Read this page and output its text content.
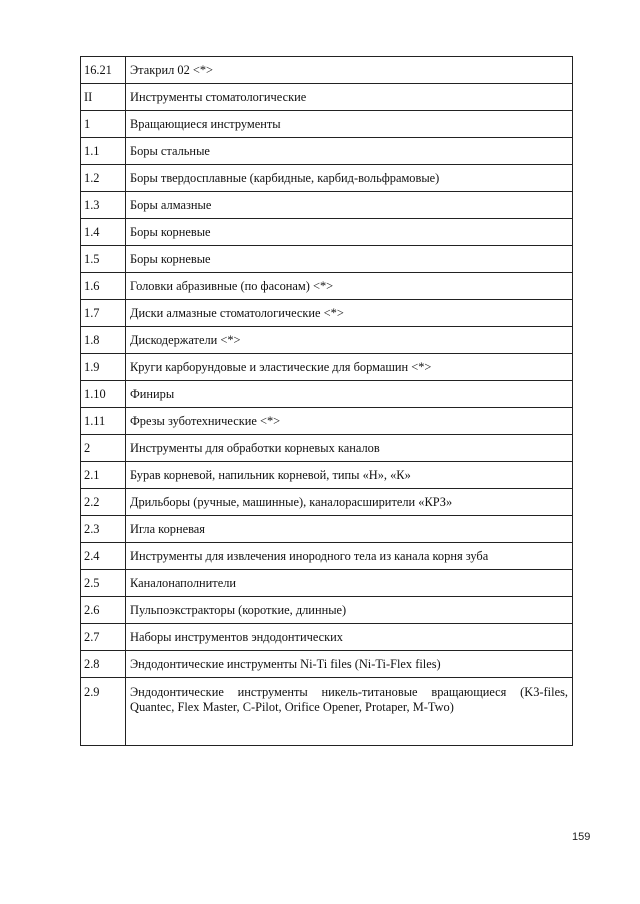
16.21	Этакрил 02 <*>
II	Инструменты стоматологические
1	Вращающиеся инструменты
1.1	Боры стальные
1.2	Боры твердосплавные (карбидные, карбид-вольфрамовые)
1.3	Боры алмазные
1.4	Боры корневые
1.5	Боры корневые
1.6	Головки абразивные (по фасонам) <*>
1.7	Диски алмазные стоматологические <*>
1.8	Дискодержатели <*>
1.9	Круги карборундовые и эластические для бормашин <*>
1.10	Финиры
1.11	Фрезы зуботехнические <*>
2	Инструменты для обработки корневых каналов
2.1	Бурав корневой, напильник корневой, типы «Н», «К»
2.2	Дрильборы (ручные, машинные), каналорасширители «КРЗ»
2.3	Игла корневая
2.4	Инструменты для извлечения инородного тела из канала корня зуба
2.5	Каналонаполнители
2.6	Пульпоэкстракторы (короткие, длинные)
2.7	Наборы инструментов эндодонтических
2.8	Эндодонтические инструменты Ni-Ti files (Ni-Ti-Flex files)
2.9	Эндодонтические инструменты никель-титановые вращающиеся (K3-files, Quantec, Flex Master, C-Pilot, Orifice Opener, Protaper, M-Two)
159
